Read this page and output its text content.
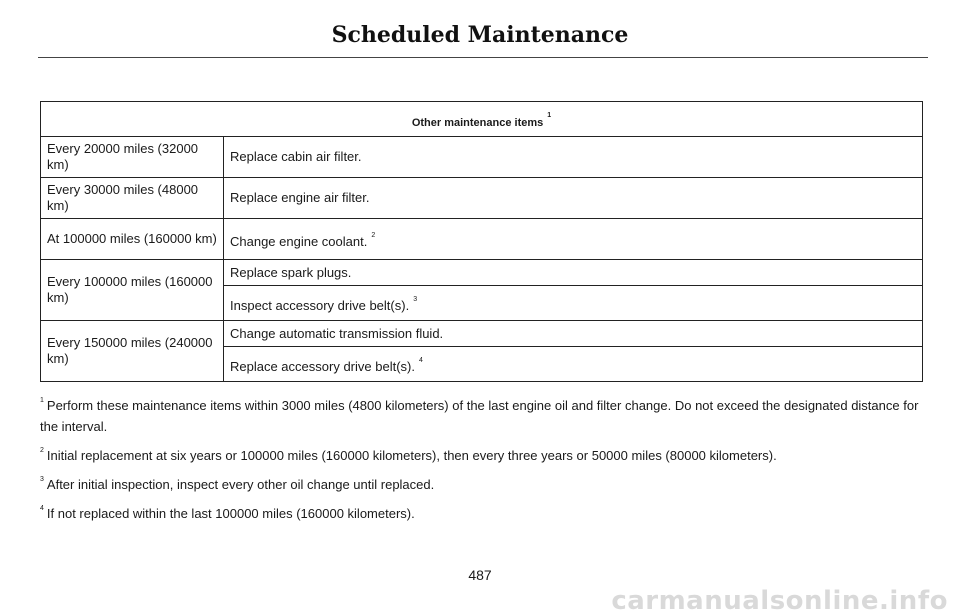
Scheduled Maintenance
Other maintenance items$^1$
Every 20000 miles (32000 km)	Replace cabin air filter.
Every 30000 miles (48000 km)	Replace engine air filter.
At 100000 miles (160000 km)	Change engine coolant. $^2$
Every 100000 miles (160000 km)	Replace spark plugs.
	Inspect accessory drive belt(s). $^3$
Every 150000 miles (240000 km)	Change automatic transmission fluid.
	Replace accessory drive belt(s). $^4$

$^1$ Perform these maintenance items within 3000 miles (4800 kilometers) of the last engine oil and filter change. Do not exceed the designated distance for the interval.

$^2$ Initial replacement at six years or 100000 miles (160000 kilometers), then every three years or 50000 miles (80000 kilometers).

$^3$ After initial inspection, inspect every other oil change until replaced.

$^4$ If not replaced within the last 100000 miles (160000 kilometers).

487
carmanualsonline.info
